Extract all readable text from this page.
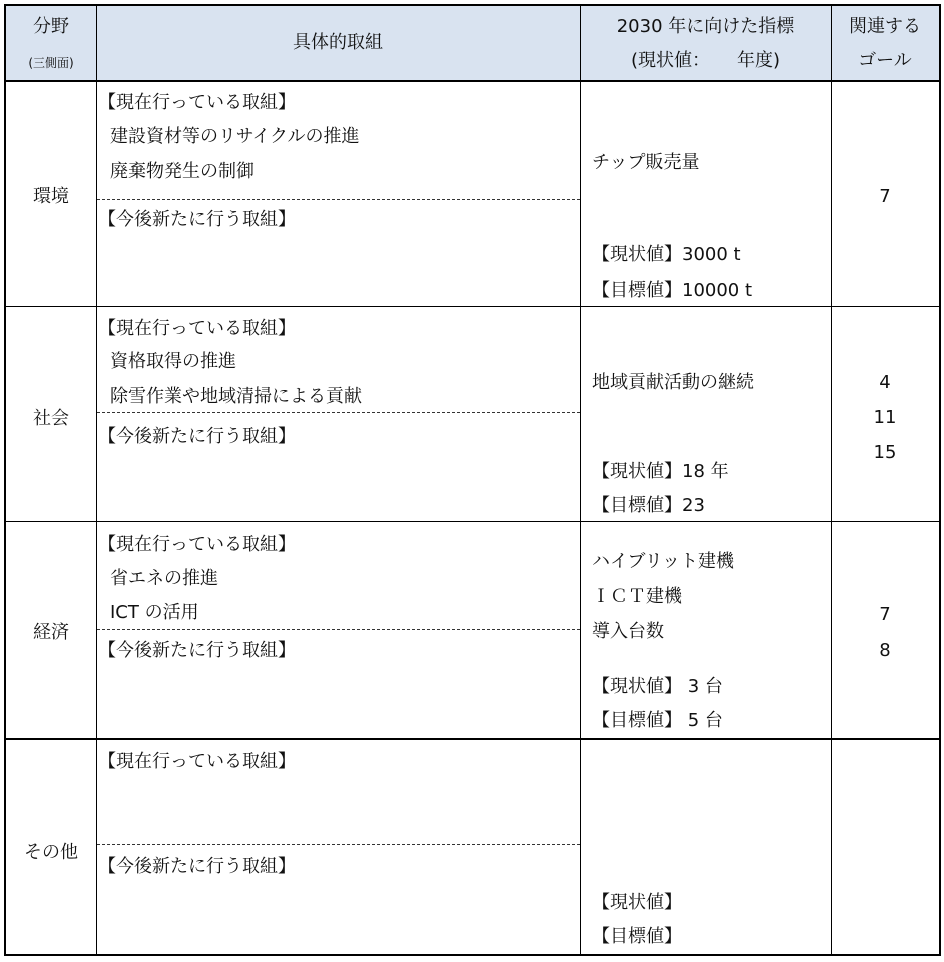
分野
(三側面)
具体的取組
2030 年に向けた指標
(現状値：　　年度)
関連する
ゴール
環境
【現在行っている取組】
建設資材等のリサイクルの推進
廃棄物発生の制御
【今後新たに行う取組】
チップ販売量
【現状値】3000 t
【目標値】10000 t
7
社会
【現在行っている取組】
資格取得の推進
除雪作業や地域清掃による貢献
【今後新たに行う取組】
地域貢献活動の継続
【現状値】18 年
【目標値】23
4
11
15
経済
【現在行っている取組】
省エネの推進
ICT の活用
【今後新たに行う取組】
ハイブリット建機
ＩＣＴ建機
導入台数
【現状値】 3 台
【目標値】 5 台
7
8
その他
【現在行っている取組】
【今後新たに行う取組】
【現状値】
【目標値】
